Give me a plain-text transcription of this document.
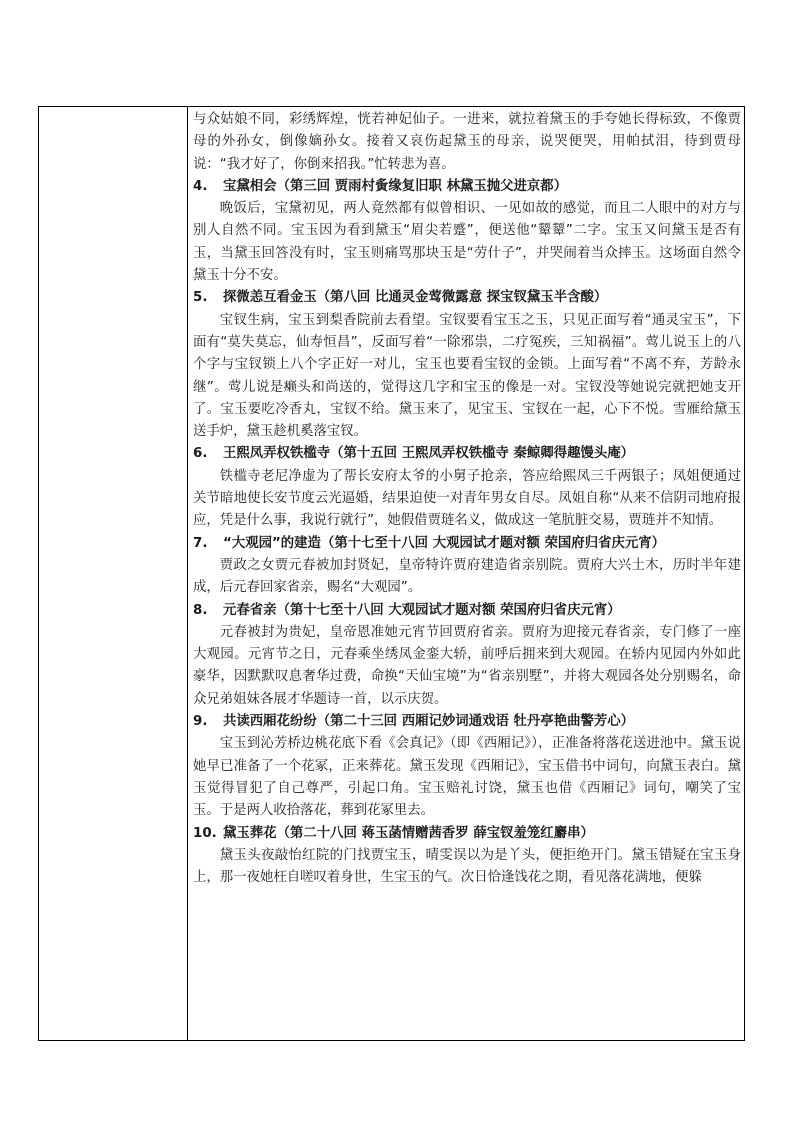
与众姑娘不同，彩绣辉煌，恍若神妃仙子。一进来，就拉着黛玉的手夸她长得标致，不像贾母的外孙女，倒像嫡孙女。接着又哀伤起黛玉的母亲，说哭便哭，用帕拭泪，待到贾母说：“我才好了，你倒来招我。”忙转悲为喜。

4. 宝黛相会（第三回 贾雨村夤缘复旧职 林黛玉抛父进京都）

晚饭后，宝黛初见，两人竟然都有似曾相识、一见如故的感觉，而且二人眼中的对方与别人自然不同。宝玉因为看到黛玉“眉尖若蹙”，便送他“颦颦”二字。宝玉又问黛玉是否有玉，当黛玉回答没有时，宝玉则痛骂那块玉是“劳什子”，并哭闹着当众摔玉。这场面自然令黛玉十分不安。

5. 探微恙互看金玉（第八回 比通灵金莺微露意 探宝钗黛玉半含酸）

宝钗生病，宝玉到梨香院前去看望。宝钗要看宝玉之玉，只见正面写着“通灵宝玉”，下面有“莫失莫忘，仙寿恒昌”，反面写着“一除邪祟，二疗冤疾，三知祸福”。莺儿说玉上的八个字与宝钗锁上八个字正好一对儿，宝玉也要看宝钗的金锁。上面写着“不离不弃，芳龄永继”。莺儿说是癞头和尚送的，觉得这几字和宝玉的像是一对。宝钗没等她说完就把她支开了。宝玉要吃冷香丸，宝钗不给。黛玉来了，见宝玉、宝钗在一起，心下不悦。雪雁给黛玉送手炉，黛玉趁机奚落宝钗。

6. 王熙凤弄权铁槛寺（第十五回 王熙凤弄权铁槛寺 秦鲸卿得趣馒头庵）

铁槛寺老尼净虚为了帮长安府太爷的小舅子抢亲，答应给熙凤三千两银子；凤姐便通过关节暗地使长安节度云光逼婚，结果迫使一对青年男女自尽。凤姐自称“从来不信阴司地府报应，凭是什么事，我说行就行”，她假借贾琏名义，做成这一笔肮脏交易，贾琏并不知情。

7. “大观园”的建造（第十七至十八回 大观园试才题对额 荣国府归省庆元宵）

贾政之女贾元春被加封贤妃，皇帝特许贾府建造省亲别院。贾府大兴土木，历时半年建成，后元春回家省亲，赐名“大观园”。

8. 元春省亲（第十七至十八回 大观园试才题对额 荣国府归省庆元宵）

元春被封为贵妃，皇帝恩准她元宵节回贾府省亲。贾府为迎接元春省亲，专门修了一座大观园。元宵节之日，元春乘坐绣凤金銮大轿，前呼后拥来到大观园。在轿内见园内外如此豪华，因默默叹息奢华过费，命换“天仙宝境”为“省亲别墅”，并将大观园各处分别赐名，命众兄弟姐妹各展才华题诗一首，以示庆贺。

9. 共读西厢花纷纷（第二十三回 西厢记妙词通戏语 牡丹亭艳曲警芳心）

宝玉到沁芳桥边桃花底下看《会真记》（即《西厢记》），正准备将落花送进池中。黛玉说她早已准备了一个花冢，正来葬花。黛玉发现《西厢记》，宝玉借书中词句，向黛玉表白。黛玉觉得冒犯了自己尊严，引起口角。宝玉赔礼讨饶，黛玉也借《西厢记》词句，嘲笑了宝玉。于是两人收拾落花，葬到花冢里去。

10. 黛玉葬花（第二十八回 蒋玉菡情赠茜香罗 薛宝钗羞笼红麝串）

黛玉头夜敲怡红院的门找贾宝玉，晴雯误以为是丫头，便拒绝开门。黛玉错疑在宝玉身上，那一夜她枉自嗟叹着身世，生宝玉的气。次日恰逢饯花之期，看见落花满地，便躲
